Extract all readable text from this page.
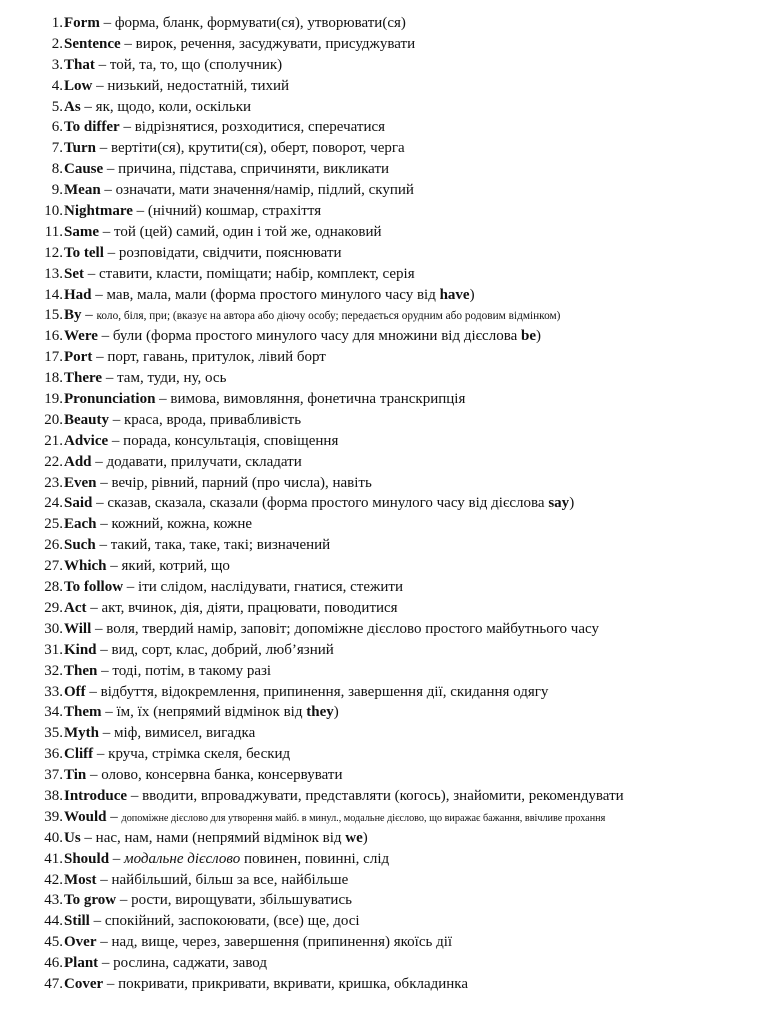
1. Form – форма, бланк, формувати(ся), утворювати(ся)
2. Sentence – вирок, речення, засуджувати, присуджувати
3. That – той, та, то, що (сполучник)
4. Low – низький, недостатній, тихий
5. As – як, щодо, коли, оскільки
6. To differ – відрізнятися, розходитися, сперечатися
7. Turn – вертіти(ся), крутити(ся), оберт, поворот, черга
8. Cause – причина, підстава, спричиняти, викликати
9. Mean – означати, мати значення/намір, підлий, скупий
10. Nightmare – (нічний) кошмар, страхіття
11. Same – той (цей) самий, один і той же, однаковий
12. To tell – розповідати, свідчити, пояснювати
13. Set – ставити, класти, поміщати; набір, комплект, серія
14. Had – мав, мала, мали (форма простого минулого часу від have)
15. By – коло, біля, при; (вказує на автора або діючу особу; передається орудним або родовим відмінком)
16. Were – були (форма простого минулого часу для множини від дієслова be)
17. Port – порт, гавань, притулок, лівий борт
18. There – там, туди, ну, ось
19. Pronunciation – вимова, вимовляння, фонетична транскрипція
20. Beauty – краса, врода, привабливість
21. Advice – порада, консультація, сповіщення
22. Add – додавати, прилучати, складати
23. Even – вечір, рівний, парний (про числа), навіть
24. Said – сказав, сказала, сказали (форма простого минулого часу від дієслова say)
25. Each – кожний, кожна, кожне
26. Such – такий, така, таке, такі; визначений
27. Which – який, котрий, що
28. To follow – іти слідом, наслідувати, гнатися, стежити
29. Act – акт, вчинок, дія, діяти, працювати, поводитися
30. Will – воля, твердий намір, заповіт; допоміжне дієслово простого майбутнього часу
31. Kind – вид, сорт, клас, добрий, люб’язний
32. Then – тоді, потім, в такому разі
33. Off – відбуття, відокремлення, припинення, завершення дії, скидання одягу
34. Them – їм, їх (непрямий відмінок від they)
35. Myth – міф, вимисел, вигадка
36. Cliff – круча, стрімка скеля, бескид
37. Tin – олово, консервна банка, консервувати
38. Introduce – вводити, впроваджувати, представляти (когось), знайомити, рекомендувати
39. Would – допоміжне дієслово для утворення майб. в минул., модальне дієслово, що виражає бажання, ввічливе прохання
40. Us – нас, нам, нами (непрямий відмінок від we)
41. Should – модальне дієслово повинен, повинні, слід
42. Most – найбільший, більш за все, найбільше
43. To grow – рости, вирощувати, збільшуватись
44. Still – спокійний, заспокоювати, (все) ще, досі
45. Over – над, вище, через, завершення (припинення) якоїсь дії
46. Plant – рослина, саджати, завод
47. Cover – покривати, прикривати, вкривати, кришка, обкладинка
